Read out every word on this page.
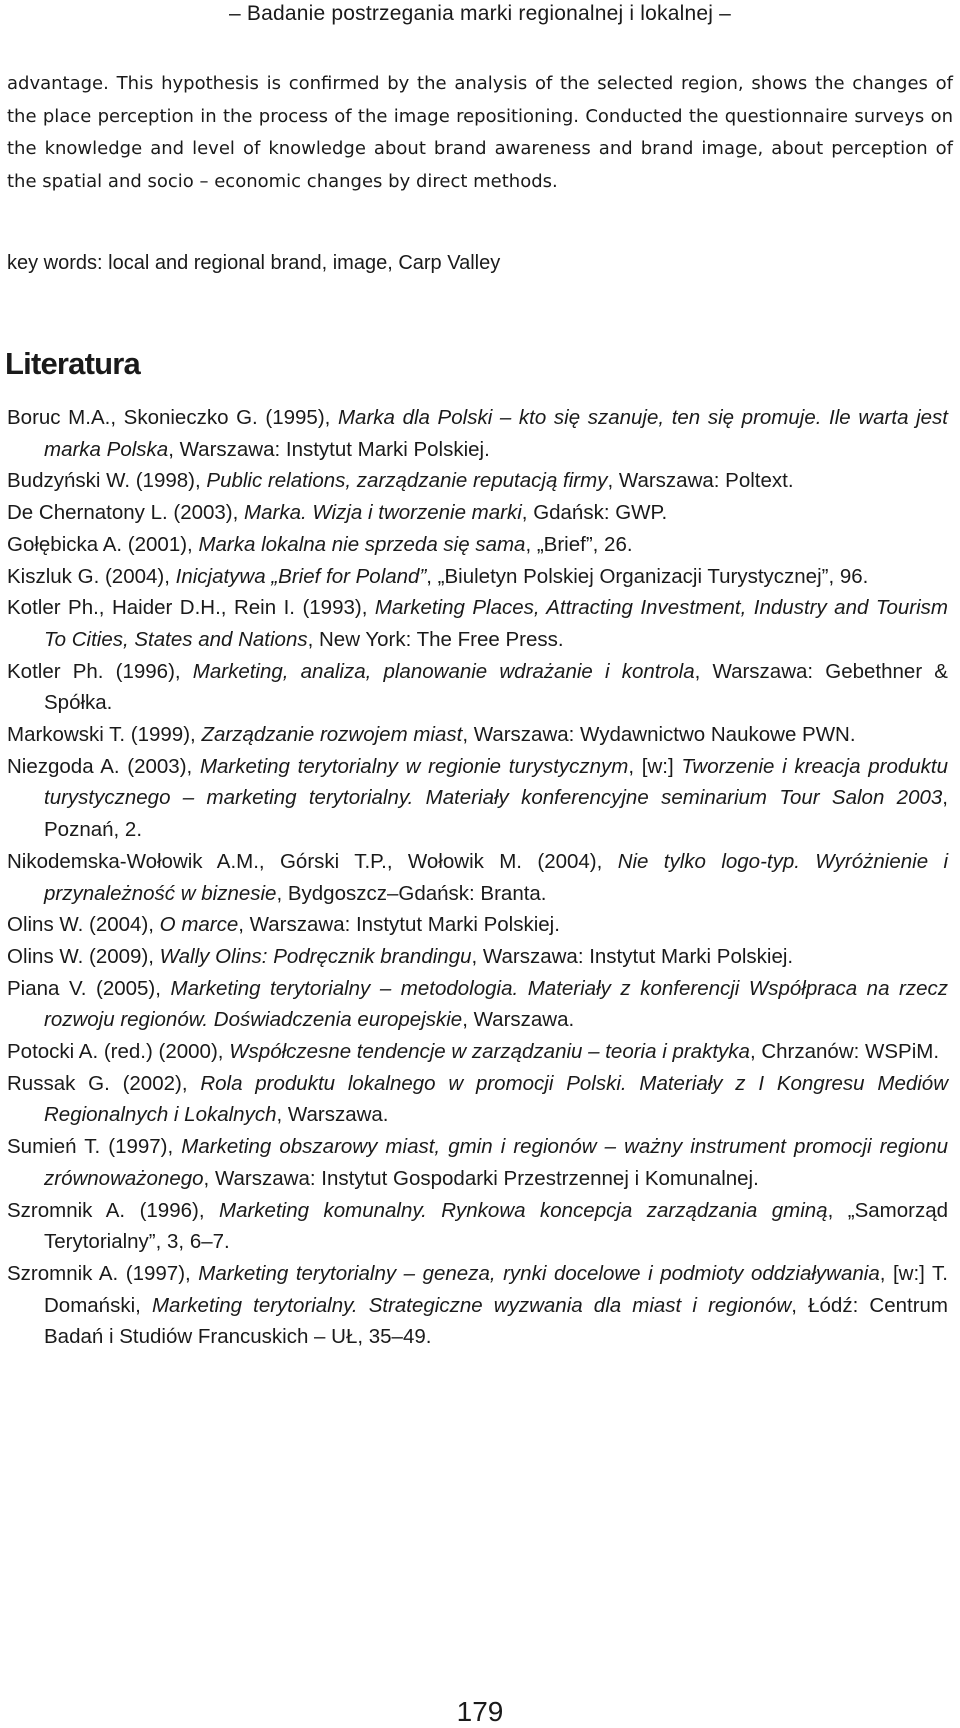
– Badanie postrzegania marki regionalnej i lokalnej –

advantage. This hypothesis is confirmed by the analysis of the selected region, shows the changes of the place perception in the process of the image repositioning. Conducted the questionnaire surveys on the knowledge and level of knowledge about brand awareness and brand image, about perception of the spatial and socio – economic changes by direct methods.

key words: local and regional brand, image, Carp Valley

Literatura
Boruc M.A., Skonieczko G. (1995), Marka dla Polski – kto się szanuje, ten się promuje. Ile warta jest marka Polska, Warszawa: Instytut Marki Polskiej.
Budzyński W. (1998), Public relations, zarządzanie reputacją firmy, Warszawa: Poltext.
De Chernatony L. (2003), Marka. Wizja i tworzenie marki, Gdańsk: GWP.
Gołębicka A. (2001), Marka lokalna nie sprzeda się sama, „Brief”, 26.
Kiszluk G. (2004), Inicjatywa „Brief for Poland”, „Biuletyn Polskiej Organizacji Turystycznej”, 96.
Kotler Ph., Haider D.H., Rein I. (1993), Marketing Places, Attracting Investment, Industry and Tourism To Cities, States and Nations, New York: The Free Press.
Kotler Ph. (1996), Marketing, analiza, planowanie wdrażanie i kontrola, Warszawa: Gebethner & Spółka.
Markowski T. (1999), Zarządzanie rozwojem miast, Warszawa: Wydawnictwo Naukowe PWN.
Niezgoda A. (2003), Marketing terytorialny w regionie turystycznym, [w:] Tworzenie i kreacja produktu turystycznego – marketing terytorialny. Materiały konferencyjne seminarium Tour Salon 2003, Poznań, 2.
Nikodemska-Wołowik A.M., Górski T.P., Wołowik M. (2004), Nie tylko logo-typ. Wyróżnienie i przynależność w biznesie, Bydgoszcz–Gdańsk: Branta.
Olins W. (2004), O marce, Warszawa: Instytut Marki Polskiej.
Olins W. (2009), Wally Olins: Podręcznik brandingu, Warszawa: Instytut Marki Polskiej.
Piana V. (2005), Marketing terytorialny – metodologia. Materiały z konferencji Współpraca na rzecz rozwoju regionów. Doświadczenia europejskie, Warszawa.
Potocki A. (red.) (2000), Współczesne tendencje w zarządzaniu – teoria i praktyka, Chrzanów: WSPiM.
Russak G. (2002), Rola produktu lokalnego w promocji Polski. Materiały z I Kongresu Mediów Regionalnych i Lokalnych, Warszawa.
Sumień T. (1997), Marketing obszarowy miast, gmin i regionów – ważny instrument promocji regionu zrównoważonego, Warszawa: Instytut Gospodarki Przestrzennej i Komunalnej.
Szromnik A. (1996), Marketing komunalny. Rynkowa koncepcja zarządzania gminą, „Samorząd Terytorialny”, 3, 6–7.
Szromnik A. (1997), Marketing terytorialny – geneza, rynki docelowe i podmioty oddziaływania, [w:] T. Domański, Marketing terytorialny. Strategiczne wyzwania dla miast i regionów, Łódź: Centrum Badań i Studiów Francuskich – UŁ, 35–49.
179
